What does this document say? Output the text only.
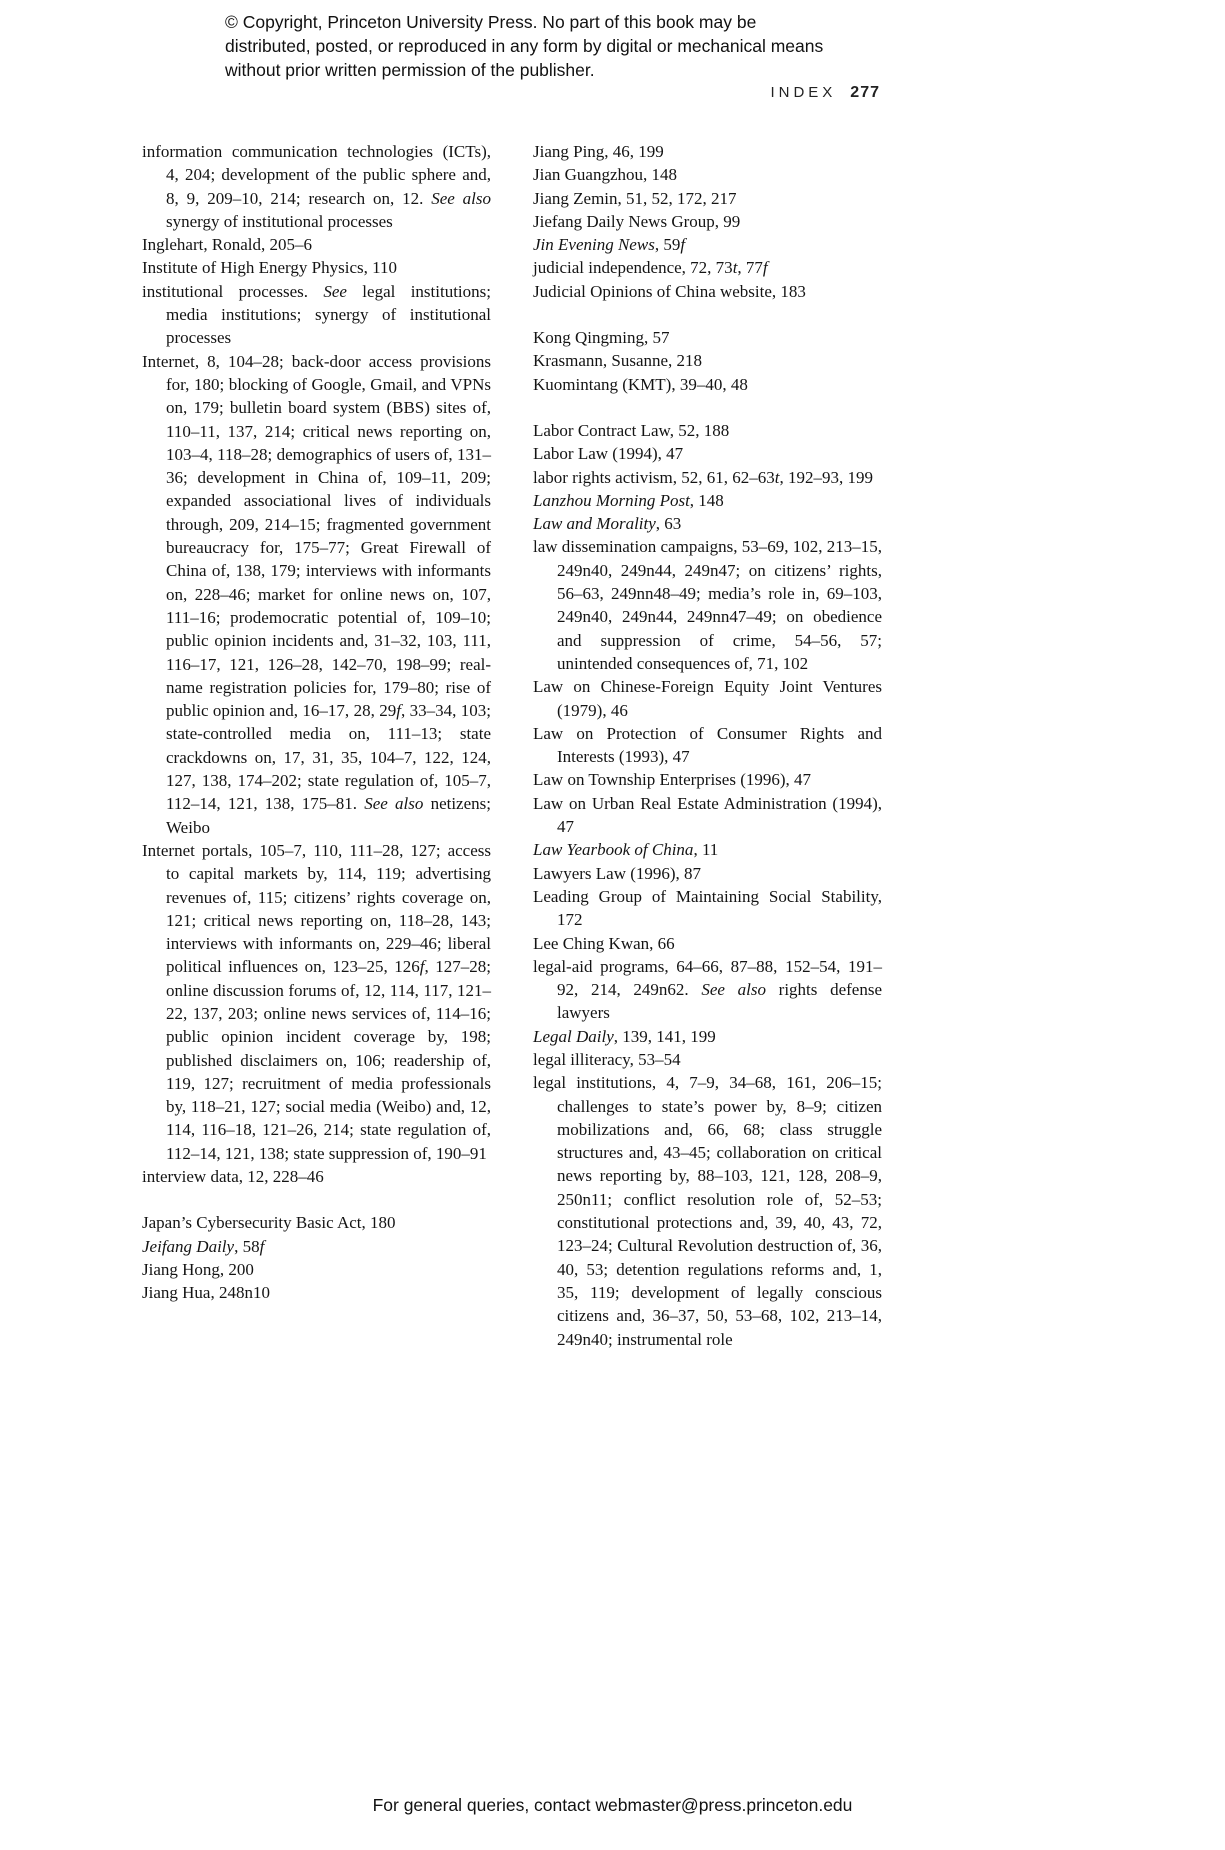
© Copyright, Princeton University Press. No part of this book may be distributed, posted, or reproduced in any form by digital or mechanical means without prior written permission of the publisher.
INDEX 277

information communication technologies (ICTs), 4, 204; development of the public sphere and, 8, 9, 209–10, 214; research on, 12. See also synergy of institutional processes

Inglehart, Ronald, 205–6

Institute of High Energy Physics, 110

institutional processes. See legal institutions; media institutions; synergy of institutional processes

Internet, 8, 104–28; back-door access provisions for, 180; blocking of Google, Gmail, and VPNs on, 179; bulletin board system (BBS) sites of, 110–11, 137, 214; critical news reporting on, 103–4, 118–28; demographics of users of, 131–36; development in China of, 109–11, 209; expanded associational lives of individuals through, 209, 214–15; fragmented government bureaucracy for, 175–77; Great Firewall of China of, 138, 179; interviews with informants on, 228–46; market for online news on, 107, 111–16; prodemocratic potential of, 109–10; public opinion incidents and, 31–32, 103, 111, 116–17, 121, 126–28, 142–70, 198–99; real-name registration policies for, 179–80; rise of public opinion and, 16–17, 28, 29f, 33–34, 103; state-controlled media on, 111–13; state crackdowns on, 17, 31, 35, 104–7, 122, 124, 127, 138, 174–202; state regulation of, 105–7, 112–14, 121, 138, 175–81. See also netizens; Weibo

Internet portals, 105–7, 110, 111–28, 127; access to capital markets by, 114, 119; advertising revenues of, 115; citizens’ rights coverage on, 121; critical news reporting on, 118–28, 143; interviews with informants on, 229–46; liberal political influences on, 123–25, 126f, 127–28; online discussion forums of, 12, 114, 117, 121–22, 137, 203; online news services of, 114–16; public opinion incident coverage by, 198; published disclaimers on, 106; readership of, 119, 127; recruitment of media professionals by, 118–21, 127; social media (Weibo) and, 12, 114, 116–18, 121–26, 214; state regulation of, 112–14, 121, 138; state suppression of, 190–91

interview data, 12, 228–46

Japan’s Cybersecurity Basic Act, 180

Jeifang Daily, 58f

Jiang Hong, 200

Jiang Hua, 248n10

Jiang Ping, 46, 199

Jian Guangzhou, 148

Jiang Zemin, 51, 52, 172, 217

Jiefang Daily News Group, 99

Jin Evening News, 59f

judicial independence, 72, 73t, 77f

Judicial Opinions of China website, 183

Kong Qingming, 57

Krasmann, Susanne, 218

Kuomintang (KMT), 39–40, 48

Labor Contract Law, 52, 188

Labor Law (1994), 47

labor rights activism, 52, 61, 62–63t, 192–93, 199

Lanzhou Morning Post, 148

Law and Morality, 63

law dissemination campaigns, 53–69, 102, 213–15, 249n40, 249n44, 249n47; on citizens’ rights, 56–63, 249nn48–49; media’s role in, 69–103, 249n40, 249n44, 249nn47–49; on obedience and suppression of crime, 54–56, 57; unintended consequences of, 71, 102

Law on Chinese-Foreign Equity Joint Ventures (1979), 46

Law on Protection of Consumer Rights and Interests (1993), 47

Law on Township Enterprises (1996), 47

Law on Urban Real Estate Administration (1994), 47

Law Yearbook of China, 11

Lawyers Law (1996), 87

Leading Group of Maintaining Social Stability, 172

Lee Ching Kwan, 66

legal-aid programs, 64–66, 87–88, 152–54, 191–92, 214, 249n62. See also rights defense lawyers

Legal Daily, 139, 141, 199

legal illiteracy, 53–54

legal institutions, 4, 7–9, 34–68, 161, 206–15; challenges to state’s power by, 8–9; citizen mobilizations and, 66, 68; class struggle structures and, 43–45; collaboration on critical news reporting by, 88–103, 121, 128, 208–9, 250n11; conflict resolution role of, 52–53; constitutional protections and, 39, 40, 43, 72, 123–24; Cultural Revolution destruction of, 36, 40, 53; detention regulations reforms and, 1, 35, 119; development of legally conscious citizens and, 36–37, 50, 53–68, 102, 213–14, 249n40; instrumental role

For general queries, contact webmaster@press.princeton.edu
